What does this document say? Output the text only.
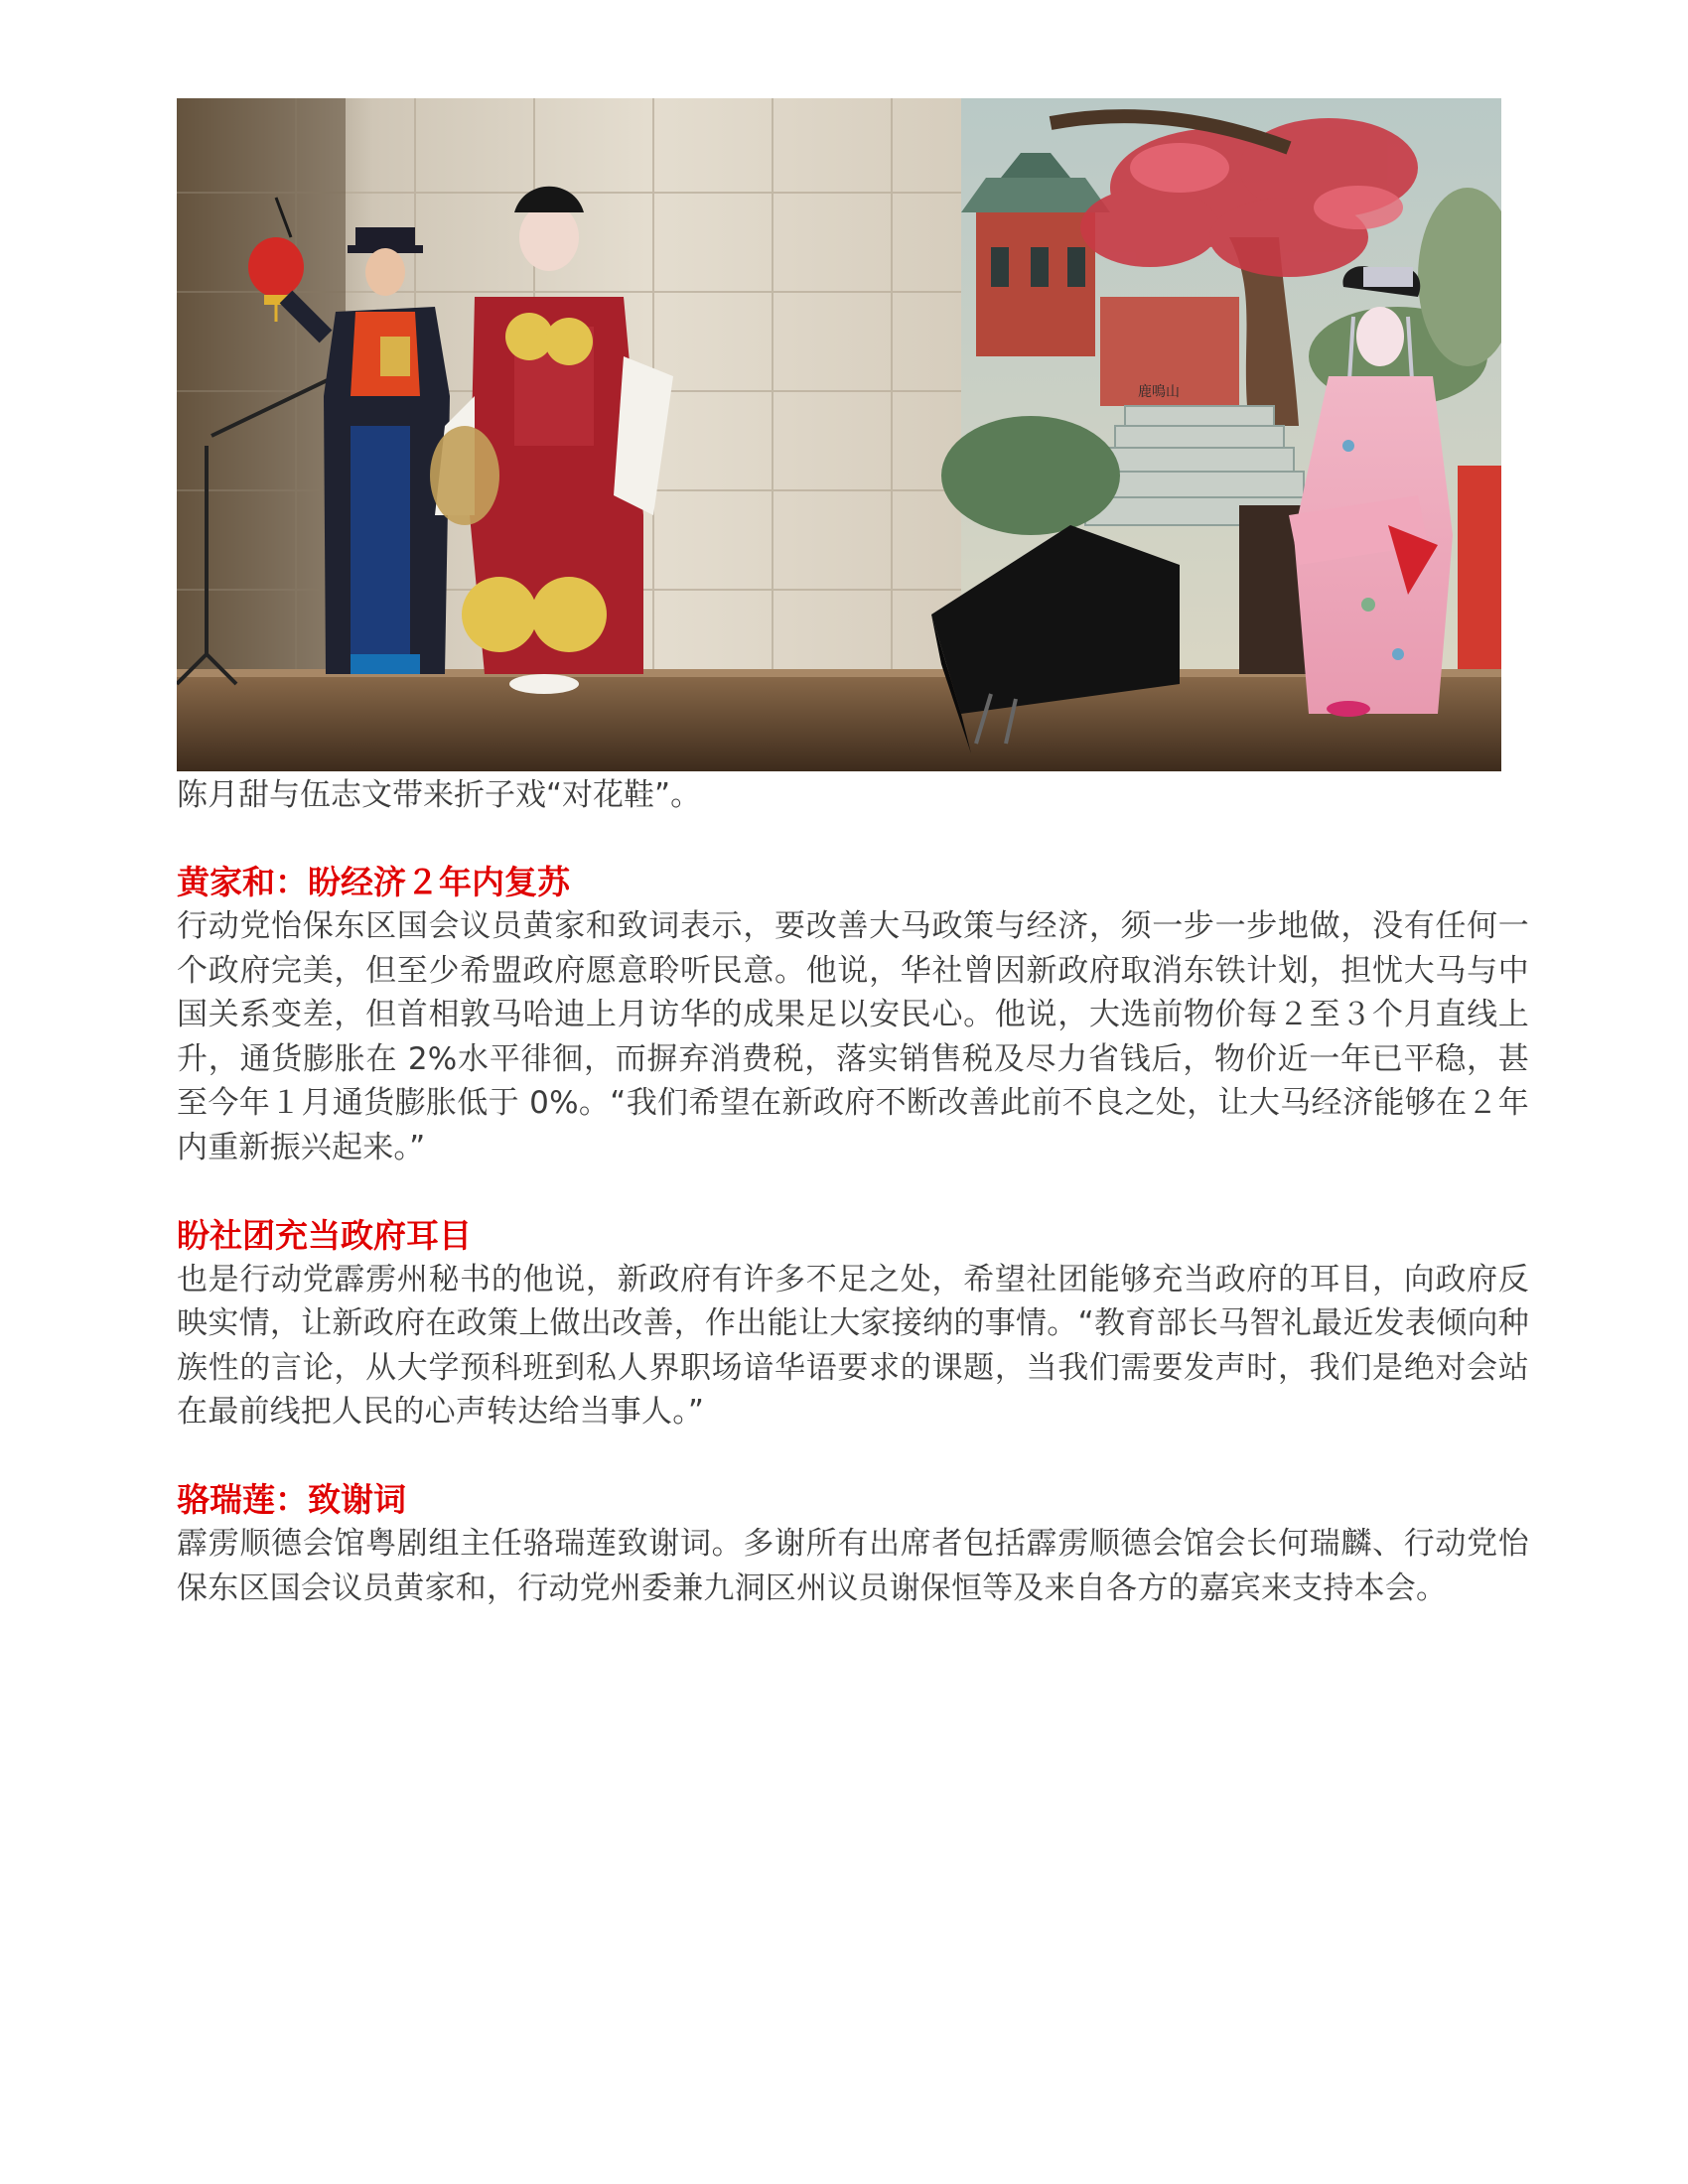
鹿鳴山
陈月甜与伍志文带来折子戏“对花鞋”。
黄家和：盼经济２年内复苏
行动党怡保东区国会议员黄家和致词表示，要改善大马政策与经济，须一步一步地做，没有任何一个政府完美，但至少希盟政府愿意聆听民意。他说，华社曾因新政府取消东铁计划，担忧大马与中国关系变差，但首相敦马哈迪上月访华的成果足以安民心。他说，大选前物价每２至３个月直线上升，通货膨胀在 2%水平徘徊，而摒弃消费税，落实销售税及尽力省钱后，物价近一年已平稳，甚至今年１月通货膨胀低于 0%。“我们希望在新政府不断改善此前不良之处，让大马经济能够在２年内重新振兴起来。”
盼社团充当政府耳目
也是行动党霹雳州秘书的他说，新政府有许多不足之处，希望社团能够充当政府的耳目，向政府反映实情，让新政府在政策上做出改善，作出能让大家接纳的事情。“教育部长马智礼最近发表倾向种族性的言论，从大学预科班到私人界职场谙华语要求的课题，当我们需要发声时，我们是绝对会站在最前线把人民的心声转达给当事人。”
骆瑞莲：致谢词
霹雳顺德会馆粤剧组主任骆瑞莲致谢词。多谢所有出席者包括霹雳顺德会馆会长何瑞麟、行动党怡保东区国会议员黄家和，行动党州委兼九洞区州议员谢保恒等及来自各方的嘉宾来支持本会。
